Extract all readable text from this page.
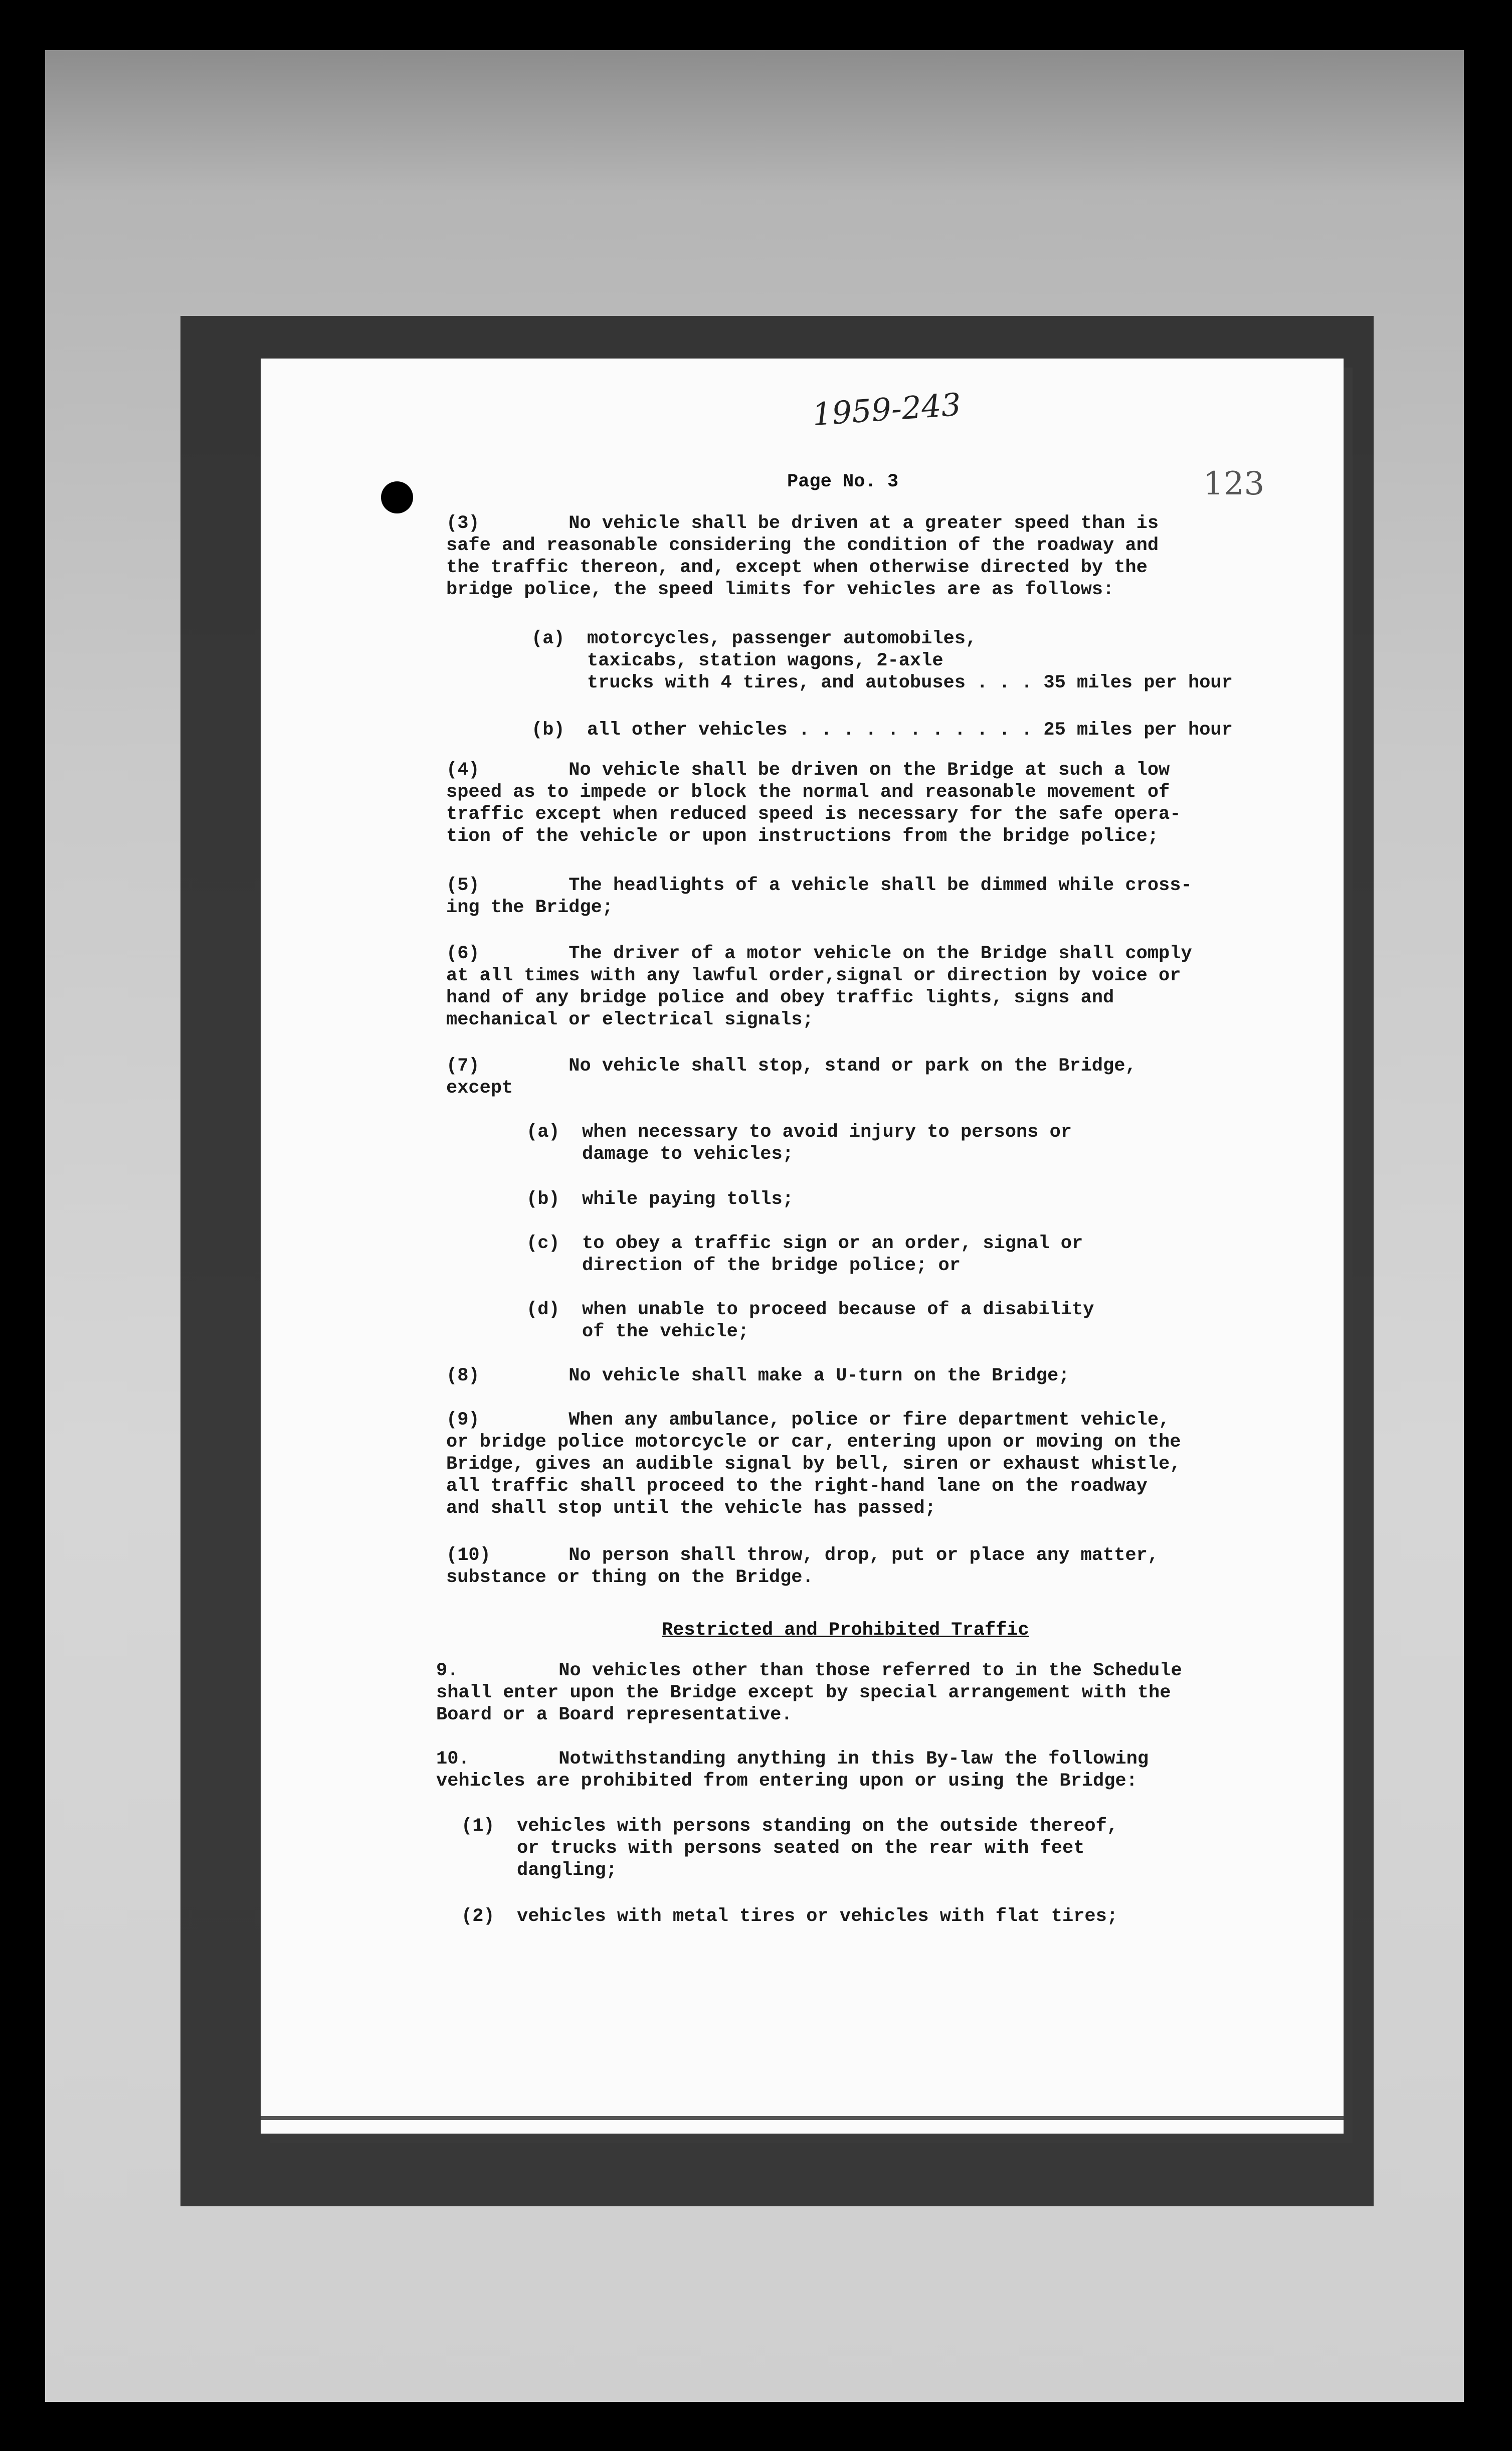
1959-243
123
Page No. 3
(3)        No vehicle shall be driven at a greater speed than is
safe and reasonable considering the condition of the roadway and
the traffic thereon, and, except when otherwise directed by the
bridge police, the speed limits for vehicles are as follows:
(a)  motorcycles, passenger automobiles,
taxicabs, station wagons, 2-axle
trucks with 4 tires, and autobuses . . . 35 miles per hour
(b)  all other vehicles . . . . . . . . . . . 25 miles per hour
(4)        No vehicle shall be driven on the Bridge at such a low
speed as to impede or block the normal and reasonable movement of
traffic except when reduced speed is necessary for the safe opera-
tion of the vehicle or upon instructions from the bridge police;
(5)        The headlights of a vehicle shall be dimmed while cross-
ing the Bridge;
(6)        The driver of a motor vehicle on the Bridge shall comply
at all times with any lawful order,signal or direction by voice or
hand of any bridge police and obey traffic lights, signs and
mechanical or electrical signals;
(7)        No vehicle shall stop, stand or park on the Bridge,
except
(a)  when necessary to avoid injury to persons or
damage to vehicles;
(b)  while paying tolls;
(c)  to obey a traffic sign or an order, signal or
direction of the bridge police; or
(d)  when unable to proceed because of a disability
of the vehicle;
(8)        No vehicle shall make a U-turn on the Bridge;
(9)        When any ambulance, police or fire department vehicle,
or bridge police motorcycle or car, entering upon or moving on the
Bridge, gives an audible signal by bell, siren or exhaust whistle,
all traffic shall proceed to the right-hand lane on the roadway
and shall stop until the vehicle has passed;
(10)       No person shall throw, drop, put or place any matter,
substance or thing on the Bridge.
Restricted and Prohibited Traffic
9.         No vehicles other than those referred to in the Schedule
shall enter upon the Bridge except by special arrangement with the
Board or a Board representative.
10.        Notwithstanding anything in this By-law the following
vehicles are prohibited from entering upon or using the Bridge:
(1)  vehicles with persons standing on the outside thereof,
or trucks with persons seated on the rear with feet
dangling;
(2)  vehicles with metal tires or vehicles with flat tires;
